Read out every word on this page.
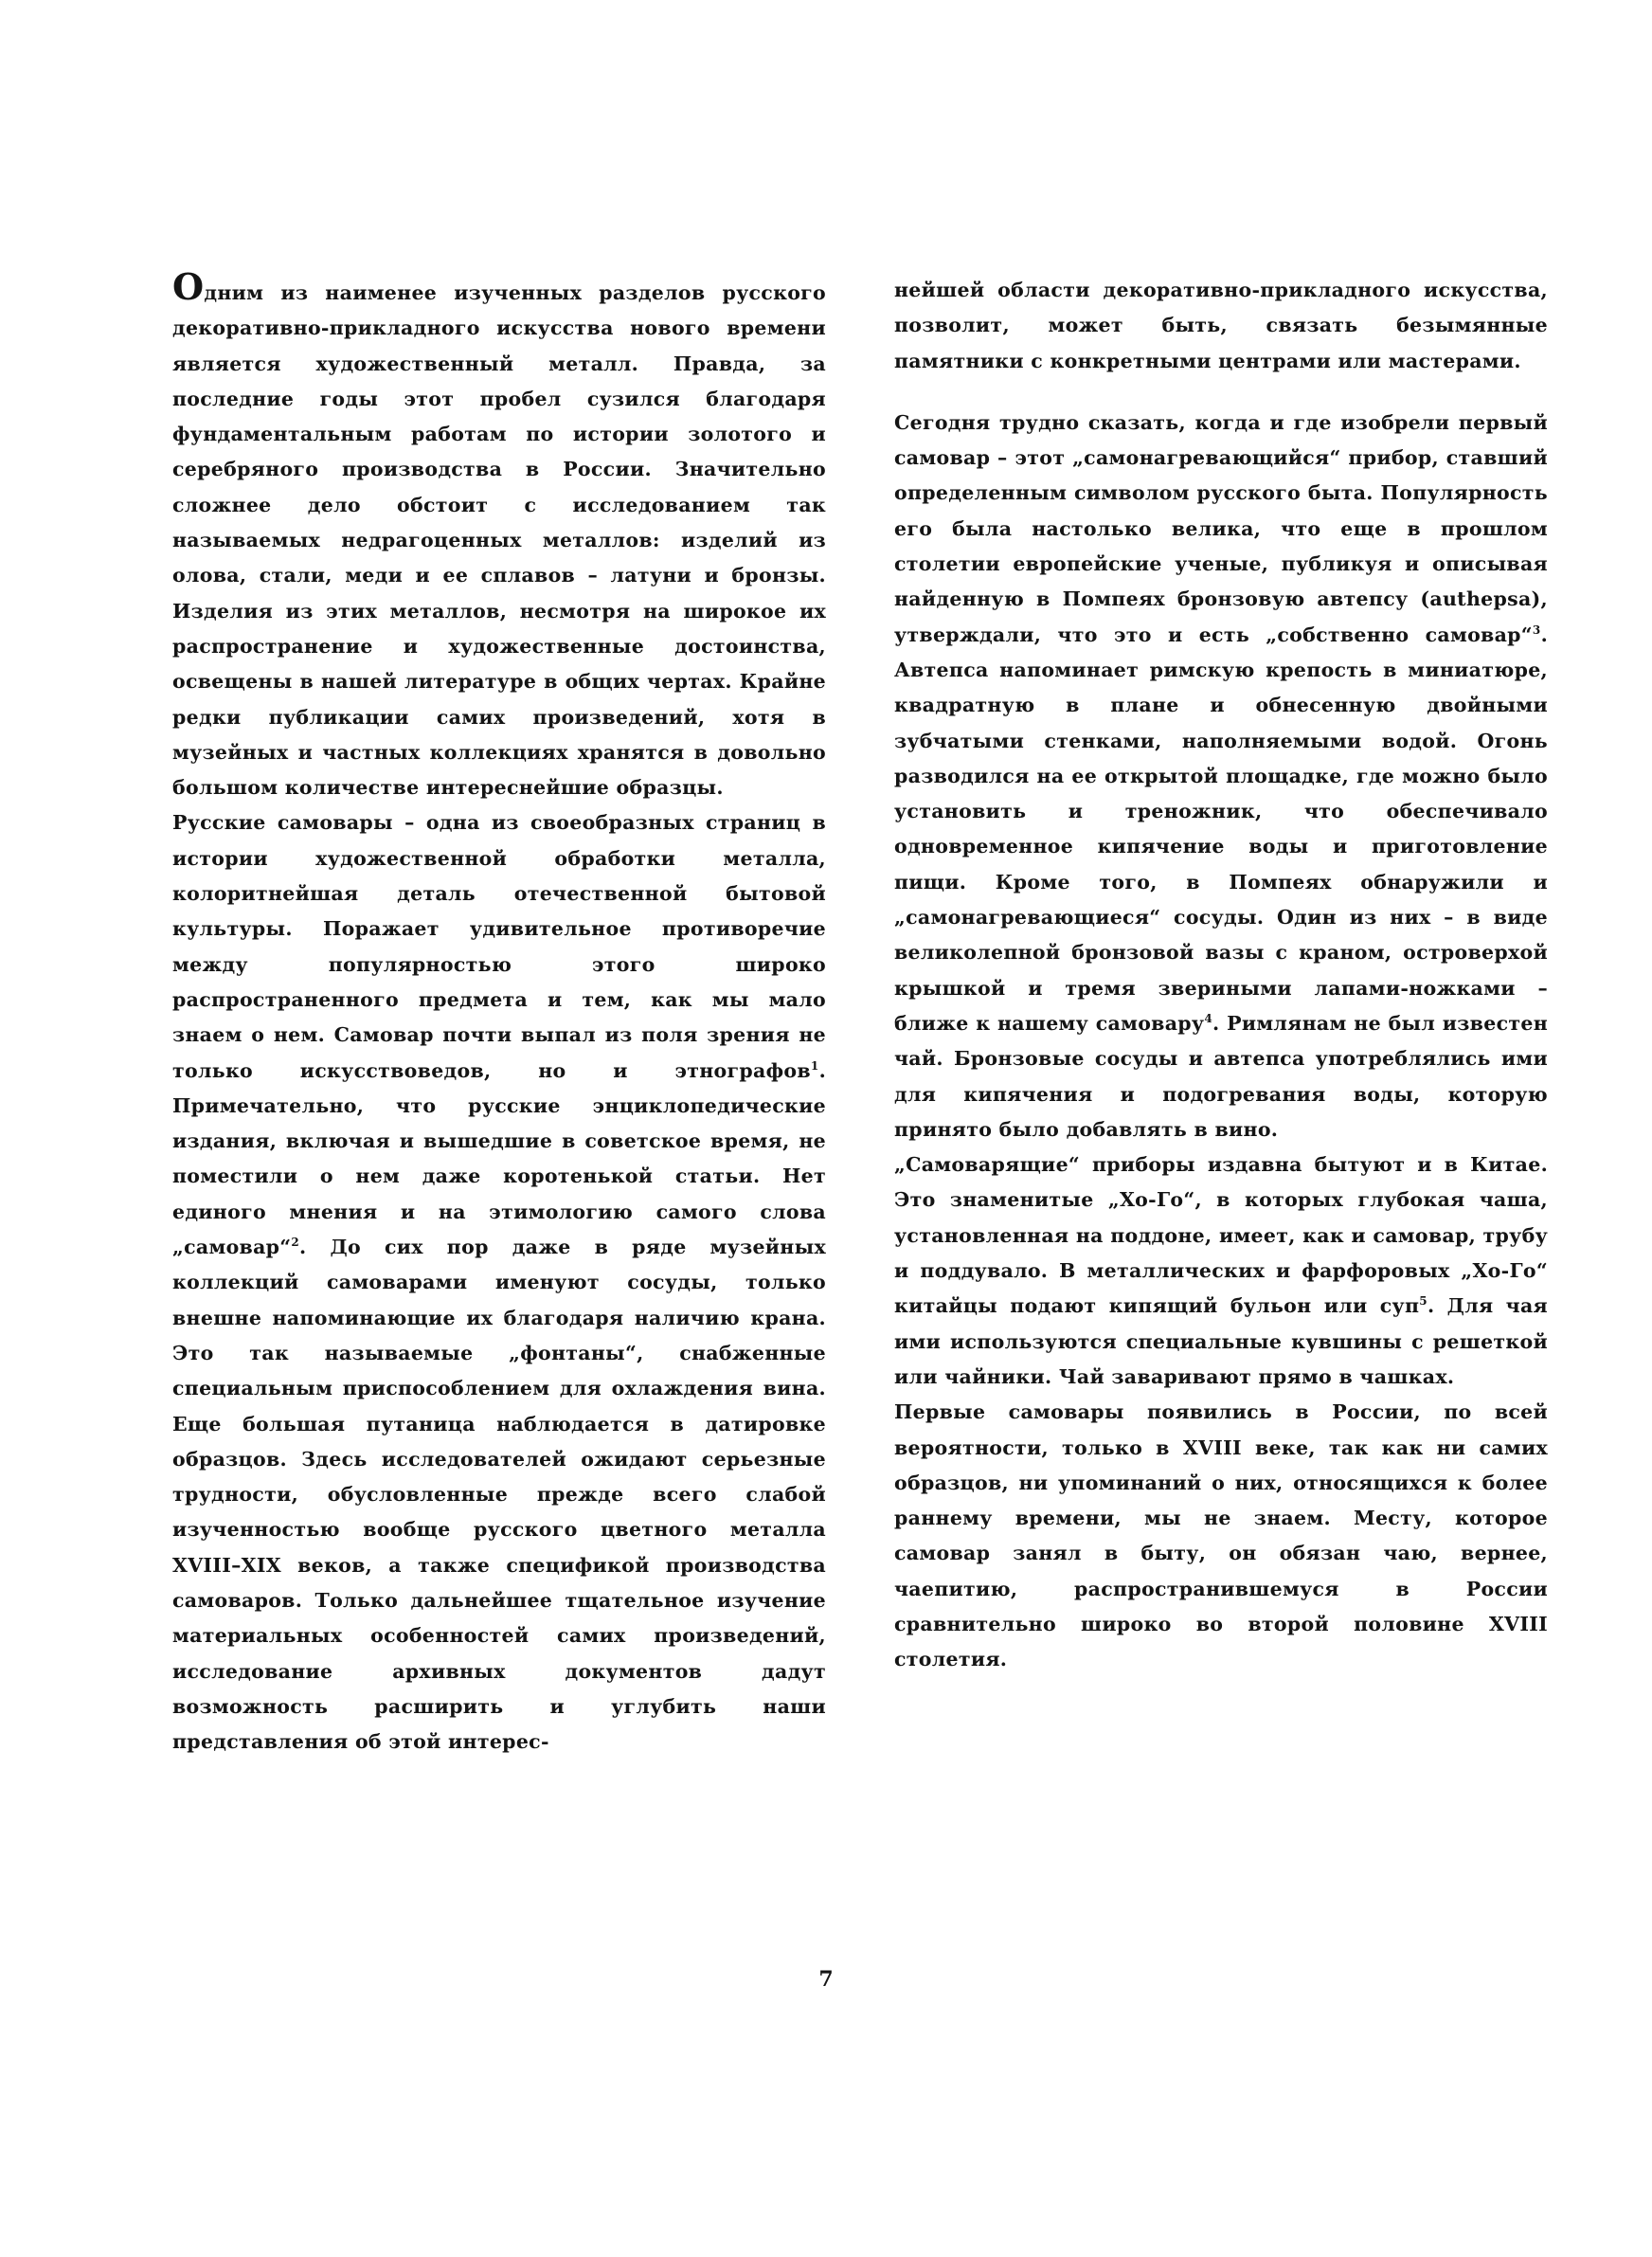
Одним из наименее изученных разделов русского декоративно-прикладного искусства нового времени является художественный металл. Правда, за последние годы этот пробел сузился благодаря фундаментальным работам по истории золотого и серебряного производства в России. Значительно сложнее дело обстоит с исследованием так называемых недрагоценных металлов: изделий из олова, стали, меди и ее сплавов – латуни и бронзы. Изделия из этих металлов, несмотря на широкое их распространение и художественные достоинства, освещены в нашей литературе в общих чертах. Крайне редки публикации самих произведений, хотя в музейных и частных коллекциях хранятся в довольно большом количестве интереснейшие образцы.

Русские самовары – одна из своеобразных страниц в истории художественной обработки металла, колоритнейшая деталь отечественной бытовой культуры. Поражает удивительное противоречие между популярностью этого широко распространенного предмета и тем, как мы мало знаем о нем. Самовар почти выпал из поля зрения не только искусствоведов, но и этнографов$^1$. Примечательно, что русские энциклопедические издания, включая и вышедшие в советское время, не поместили о нем даже коротенькой статьи. Нет единого мнения и на этимологию самого слова „самовар“$^2$. До сих пор даже в ряде музейных коллекций самоварами именуют сосуды, только внешне напоминающие их благодаря наличию крана. Это так называемые „фонтаны“, снабженные специальным приспособлением для охлаждения вина. Еще большая путаница наблюдается в датировке образцов. Здесь исследователей ожидают серьезные трудности, обусловленные прежде всего слабой изученностью вообще русского цветного металла XVIII–XIX веков, а также спецификой производства самоваров. Только дальнейшее тщательное изучение материальных особенностей самих произведений, исследование архивных документов дадут возможность расширить и углубить наши представления об этой интерес-

нейшей области декоративно-прикладного искусства, позволит, может быть, связать безымянные памятники с конкретными центрами или мастерами.

Сегодня трудно сказать, когда и где изобрели первый самовар – этот „самонагревающийся“ прибор, ставший определенным символом русского быта. Популярность его была настолько велика, что еще в прошлом столетии европейские ученые, публикуя и описывая найденную в Помпеях бронзовую автепсу (authepsa), утверждали, что это и есть „собственно самовар“$^3$. Автепса напоминает римскую крепость в миниатюре, квадратную в плане и обнесенную двойными зубчатыми стенками, наполняемыми водой. Огонь разводился на ее открытой площадке, где можно было установить и треножник, что обеспечивало одновременное кипячение воды и приготовление пищи. Кроме того, в Помпеях обнаружили и „самонагревающиеся“ сосуды. Один из них – в виде великолепной бронзовой вазы с краном, островерхой крышкой и тремя звериными лапами-ножками – ближе к нашему самовару$^4$. Римлянам не был известен чай. Бронзовые сосуды и автепса употреблялись ими для кипячения и подогревания воды, которую принято было добавлять в вино.

„Самоварящие“ приборы издавна бытуют и в Китае. Это знаменитые „Хо-Го“, в которых глубокая чаша, установленная на поддоне, имеет, как и самовар, трубу и поддувало. В металлических и фарфоровых „Хо-Го“ китайцы подают кипящий бульон или суп$^5$. Для чая ими используются специальные кувшины с решеткой или чайники. Чай заваривают прямо в чашках.

Первые самовары появились в России, по всей вероятности, только в XVIII веке, так как ни самих образцов, ни упоминаний о них, относящихся к более раннему времени, мы не знаем. Месту, которое самовар занял в быту, он обязан чаю, вернее, чаепитию, распространившемуся в России сравнительно широко во второй половине XVIII столетия.

7
